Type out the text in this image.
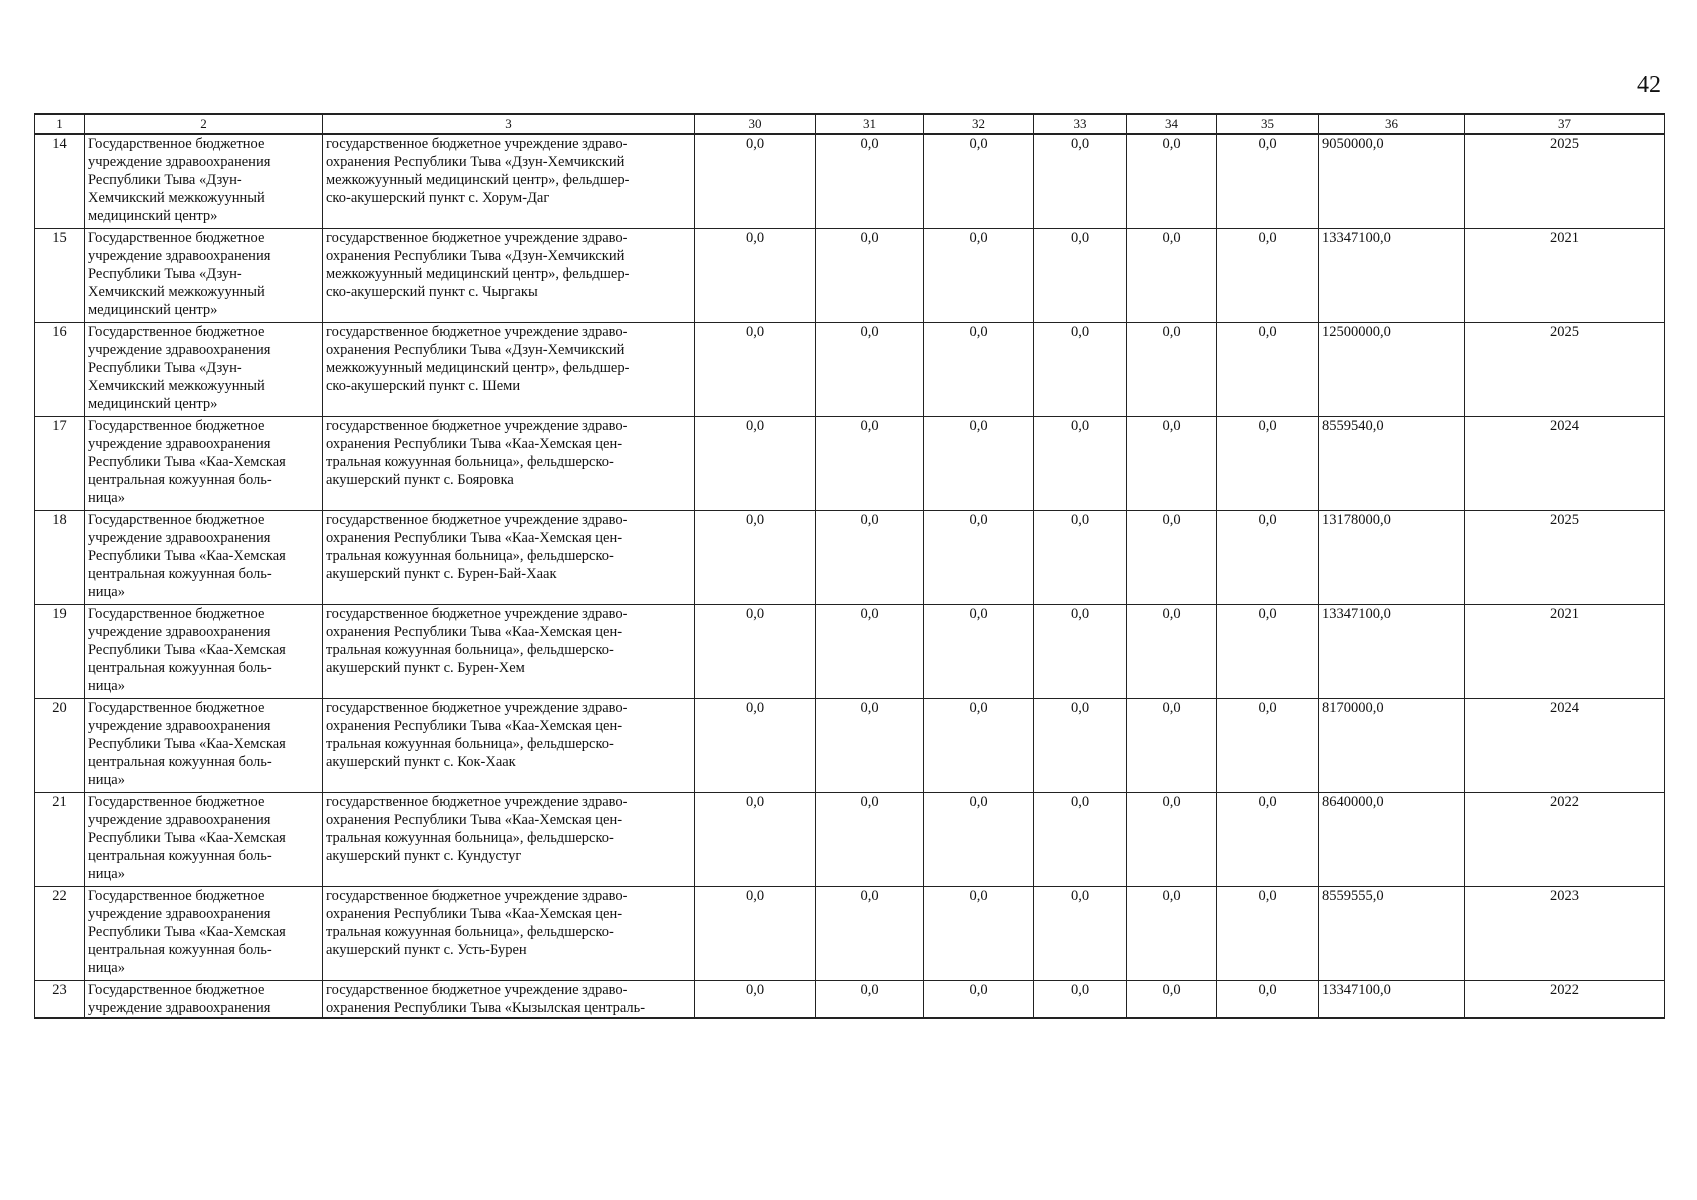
42
1	2	3	30	31	32	33	34	35	36	37
14	Государственное бюджетное
учреждение здравоохранения
Республики Тыва «Дзун-
Хемчикский межкожуунный
медицинский центр»	государственное бюджетное учреждение здраво-
охранения Республики Тыва «Дзун-Хемчикский
межкожуунный медицинский центр», фельдшер-
ско-акушерский пункт с. Хорум-Даг	0,0	0,0	0,0	0,0	0,0	0,0	9050000,0	2025
15	Государственное бюджетное
учреждение здравоохранения
Республики Тыва «Дзун-
Хемчикский межкожуунный
медицинский центр»	государственное бюджетное учреждение здраво-
охранения Республики Тыва «Дзун-Хемчикский
межкожуунный медицинский центр», фельдшер-
ско-акушерский пункт с. Чыргакы	0,0	0,0	0,0	0,0	0,0	0,0	13347100,0	2021
16	Государственное бюджетное
учреждение здравоохранения
Республики Тыва «Дзун-
Хемчикский межкожуунный
медицинский центр»	государственное бюджетное учреждение здраво-
охранения Республики Тыва «Дзун-Хемчикский
межкожуунный медицинский центр», фельдшер-
ско-акушерский пункт с. Шеми	0,0	0,0	0,0	0,0	0,0	0,0	12500000,0	2025
17	Государственное бюджетное
учреждение здравоохранения
Республики Тыва «Каа-Хемская
центральная кожуунная боль-
ница»	государственное бюджетное учреждение здраво-
охранения Республики Тыва «Каа-Хемская цен-
тральная кожуунная больница», фельдшерско-
акушерский пункт с. Бояровка	0,0	0,0	0,0	0,0	0,0	0,0	8559540,0	2024
18	Государственное бюджетное
учреждение здравоохранения
Республики Тыва «Каа-Хемская
центральная кожуунная боль-
ница»	государственное бюджетное учреждение здраво-
охранения Республики Тыва «Каа-Хемская цен-
тральная кожуунная больница», фельдшерско-
акушерский пункт с. Бурен-Бай-Хаак	0,0	0,0	0,0	0,0	0,0	0,0	13178000,0	2025
19	Государственное бюджетное
учреждение здравоохранения
Республики Тыва «Каа-Хемская
центральная кожуунная боль-
ница»	государственное бюджетное учреждение здраво-
охранения Республики Тыва «Каа-Хемская цен-
тральная кожуунная больница», фельдшерско-
акушерский пункт с. Бурен-Хем	0,0	0,0	0,0	0,0	0,0	0,0	13347100,0	2021
20	Государственное бюджетное
учреждение здравоохранения
Республики Тыва «Каа-Хемская
центральная кожуунная боль-
ница»	государственное бюджетное учреждение здраво-
охранения Республики Тыва «Каа-Хемская цен-
тральная кожуунная больница», фельдшерско-
акушерский пункт с. Кок-Хаак	0,0	0,0	0,0	0,0	0,0	0,0	8170000,0	2024
21	Государственное бюджетное
учреждение здравоохранения
Республики Тыва «Каа-Хемская
центральная кожуунная боль-
ница»	государственное бюджетное учреждение здраво-
охранения Республики Тыва «Каа-Хемская цен-
тральная кожуунная больница», фельдшерско-
акушерский пункт с. Кундустуг	0,0	0,0	0,0	0,0	0,0	0,0	8640000,0	2022
22	Государственное бюджетное
учреждение здравоохранения
Республики Тыва «Каа-Хемская
центральная кожуунная боль-
ница»	государственное бюджетное учреждение здраво-
охранения Республики Тыва «Каа-Хемская цен-
тральная кожуунная больница», фельдшерско-
акушерский пункт с. Усть-Бурен	0,0	0,0	0,0	0,0	0,0	0,0	8559555,0	2023
23	Государственное бюджетное
учреждение здравоохранения	государственное бюджетное учреждение здраво-
охранения Республики Тыва «Кызылская централь-	0,0	0,0	0,0	0,0	0,0	0,0	13347100,0	2022
